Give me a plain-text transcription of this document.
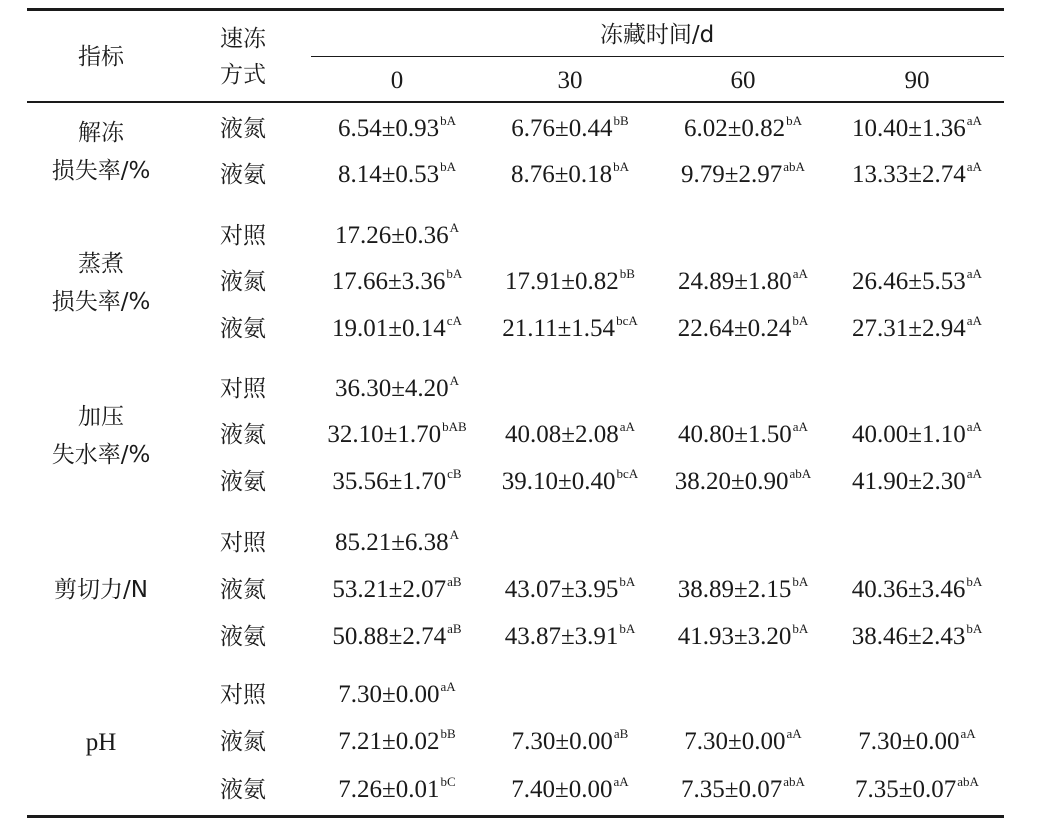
指标
速冻
方式
冻藏时间/d
0	30	60	90
解冻
损失率/%
液氮	$6.54\pm 0.93^{bA}$ $6.76\pm 0.44^{bB}$ $6.02\pm 0.82^{bA}$ $10.40\pm 1.36^{aA}$
液氨	$8.14\pm 0.53^{bA}$ $8.76\pm 0.18^{bA}$ $9.79\pm 2.97^{abA}$ $13.33\pm 2.74^{aA}$
蒸煮
损失率/%
对照	$17.26\pm 0.36^A$
液氮	$17.66\pm 3.36^{bA}$ $17.91\pm 0.82^{bB}$ $24.89\pm 1.80^{aA}$ $26.46\pm 5.53^{aA}$
液氨	$19.01\pm 0.14^{cA}$ $21.11\pm 1.54^{bcA}$ $22.64\pm 0.24^{bA}$ $27.31\pm 2.94^{aA}$
加压
失水率/%
对照	$36.30\pm 4.20^A$
液氮 $32.10\pm 1.70^{bAB}$ $40.08\pm 2.08^{aA}$ $40.80\pm 1.50^{aA}$ $40.00\pm 1.10^{aA}$
液氨	$35.56\pm 1.70^{cB}$ $39.10\pm 0.40^{bcA}$ $38.20\pm 0.90^{abA}$ $41.90\pm 2.30^{aA}$
剪切力/N
对照	$85.21\pm 6.38^A$
液氮	$53.21\pm 2.07^{aB}$ $43.07\pm 3.95^{bA}$ $38.89\pm 2.15^{bA}$ $40.36\pm 3.46^{bA}$
液氨	$50.88\pm 2.74^{aB}$ $43.87\pm 3.91^{bA}$ $41.93\pm 3.20^{bA}$ $38.46\pm 2.43^{bA}$
pH
对照	$7.30\pm 0.00^{aA}$
液氮	$7.21\pm 0.02^{bB}$ $7.30\pm 0.00^{aB}$ $7.30\pm 0.00^{aA}$ $7.30\pm 0.00^{aA}$
液氨	$7.26\pm 0.01^{bC}$ $7.40\pm 0.00^{aA}$ $7.35\pm 0.07^{abA}$ $7.35\pm 0.07^{abA}$
